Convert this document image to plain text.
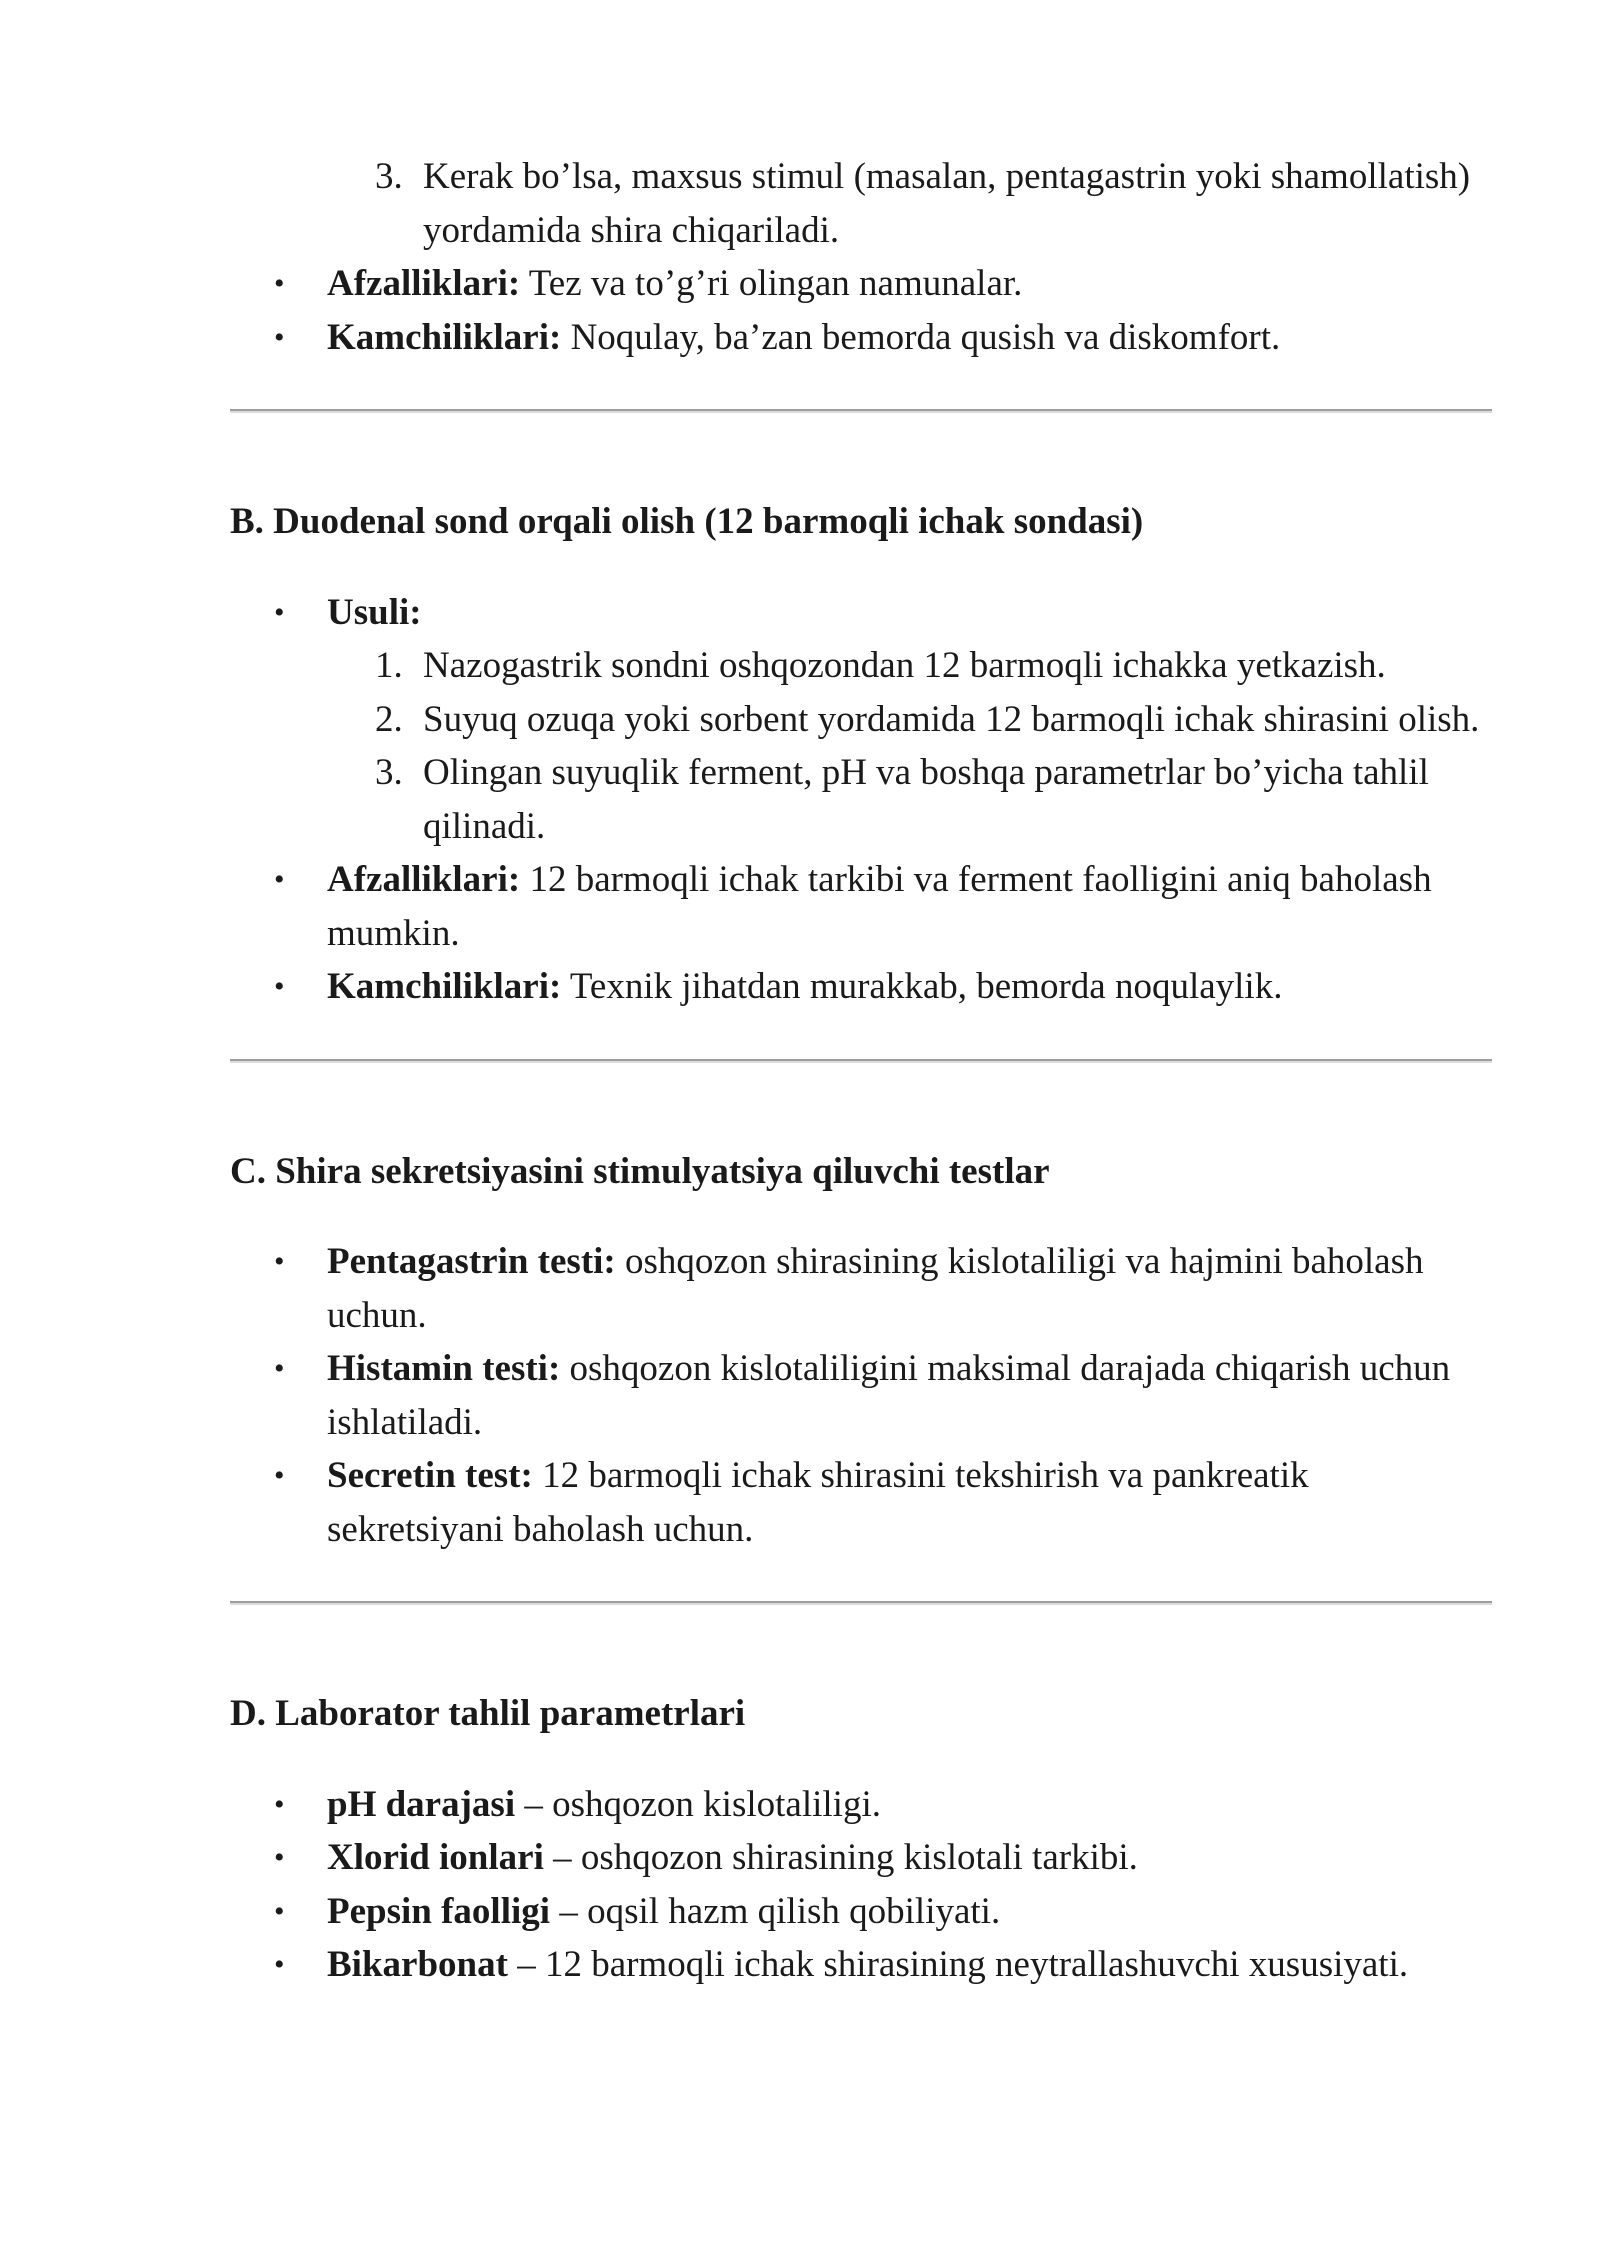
3. Kerak bo’lsa, maxsus stimul (masalan, pentagastrin yoki shamollatish) yordamida shira chiqariladi.
• Afzalliklari: Tez va to’g’ri olingan namunalar.
• Kamchiliklari: Noqulay, ba’zan bemorda qusish va diskomfort.
B. Duodenal sond orqali olish (12 barmoqli ichak sondasi)
• Usuli:
1. Nazogastrik sondni oshqozondan 12 barmoqli ichakka yetkazish.
2. Suyuq ozuqa yoki sorbent yordamida 12 barmoqli ichak shirasini olish.
3. Olingan suyuqlik ferment, pH va boshqa parametrlar bo’yicha tahlil qilinadi.
• Afzalliklari: 12 barmoqli ichak tarkibi va ferment faolligini aniq baholash mumkin.
• Kamchiliklari: Texnik jihatdan murakkab, bemorda noqulaylik.
C. Shira sekretsiyasini stimulyatsiya qiluvchi testlar
• Pentagastrin testi: oshqozon shirasining kislotaliligi va hajmini baholash uchun.
• Histamin testi: oshqozon kislotaliligini maksimal darajada chiqarish uchun ishlatiladi.
• Secretin test: 12 barmoqli ichak shirasini tekshirish va pankreatik sekretsiyani baholash uchun.
D. Laborator tahlil parametrlari
• pH darajasi – oshqozon kislotaliligi.
• Xlorid ionlari – oshqozon shirasining kislotali tarkibi.
• Pepsin faolligi – oqsil hazm qilish qobiliyati.
• Bikarbonat – 12 barmoqli ichak shirasining neytrallashuvchi xususiyati.
